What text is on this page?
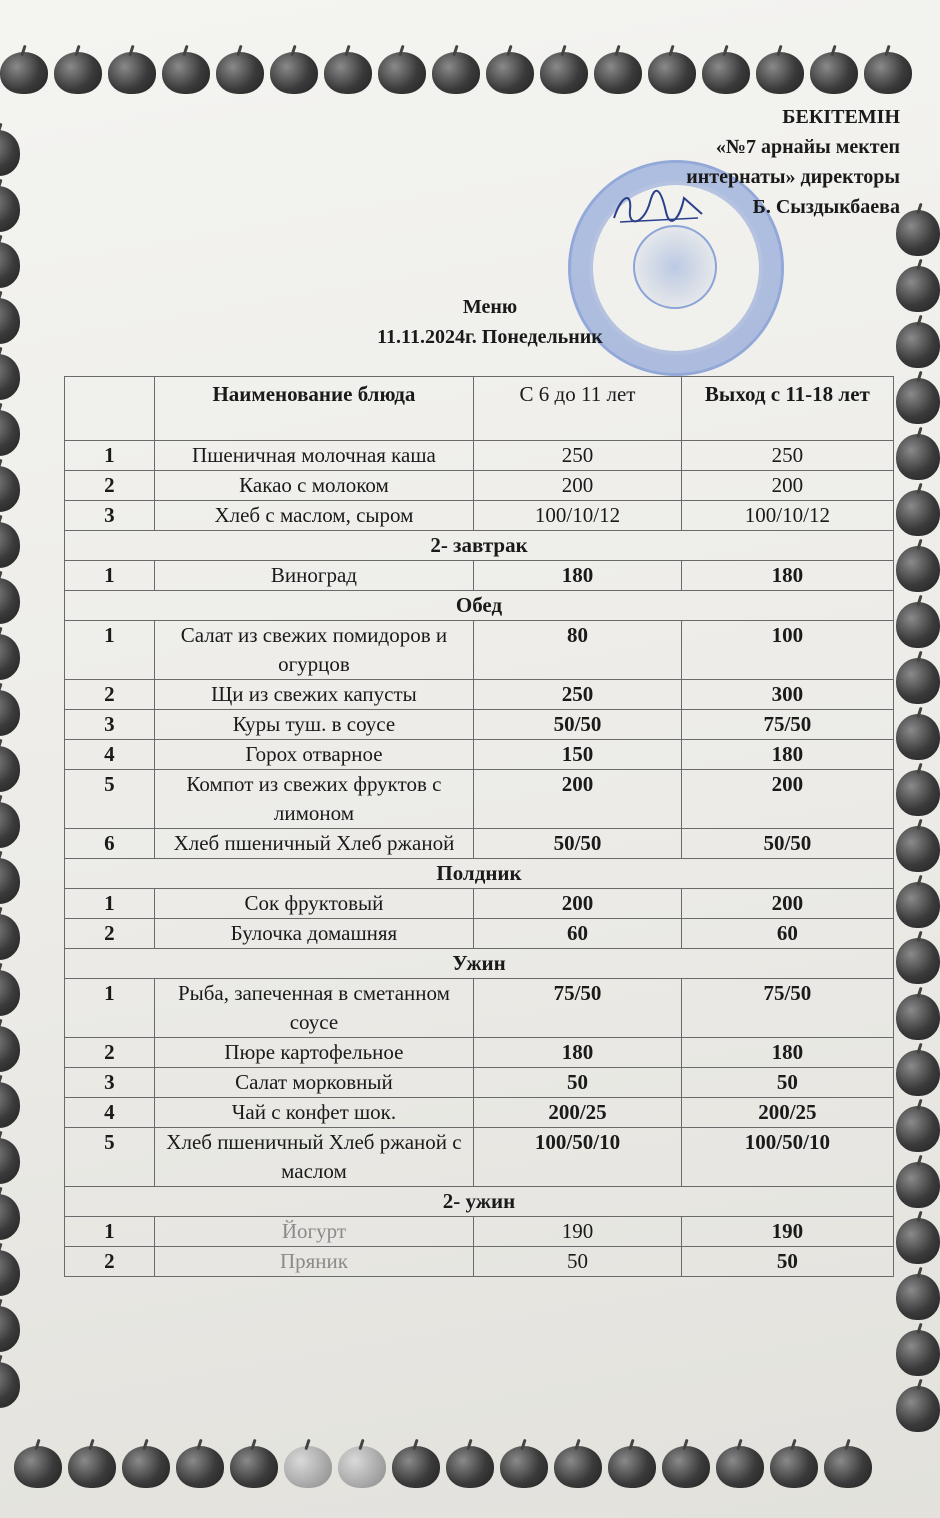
БЕКІТЕМІН
«№7 арнайы мектеп
интернаты» директоры
Б. Сыздыкбаева
Меню
11.11.2024г. Понедельник
	Наименование блюда	С 6 до 11 лет	Выход с 11-18 лет
1	Пшеничная молочная каша	250	250
2	Какао с молоком	200	200
3	Хлеб с маслом, сыром	100/10/12	100/10/12
2- завтрак			
1	Виноград	180	180
Обед			
1	Салат из свежих помидоров и огурцов	80	100
2	Щи из свежих капусты	250	300
3	Куры туш. в соусе	50/50	75/50
4	Горох отварное	150	180
5	Компот из свежих фруктов с лимоном	200	200
6	Хлеб пшеничный Хлеб ржаной	50/50	50/50
Полдник			
1	Сок фруктовый	200	200
2	Булочка домашняя	60	60
Ужин			
1	Рыба, запеченная в сметанном соусе	75/50	75/50
2	Пюре картофельное	180	180
3	Салат морковный	50	50
4	Чай с конфет шок.	200/25	200/25
5	Хлеб пшеничный Хлеб ржаной с маслом	100/50/10	100/50/10
2- ужин			
1	Йогурт	190	190
2	Пряник	50	50
